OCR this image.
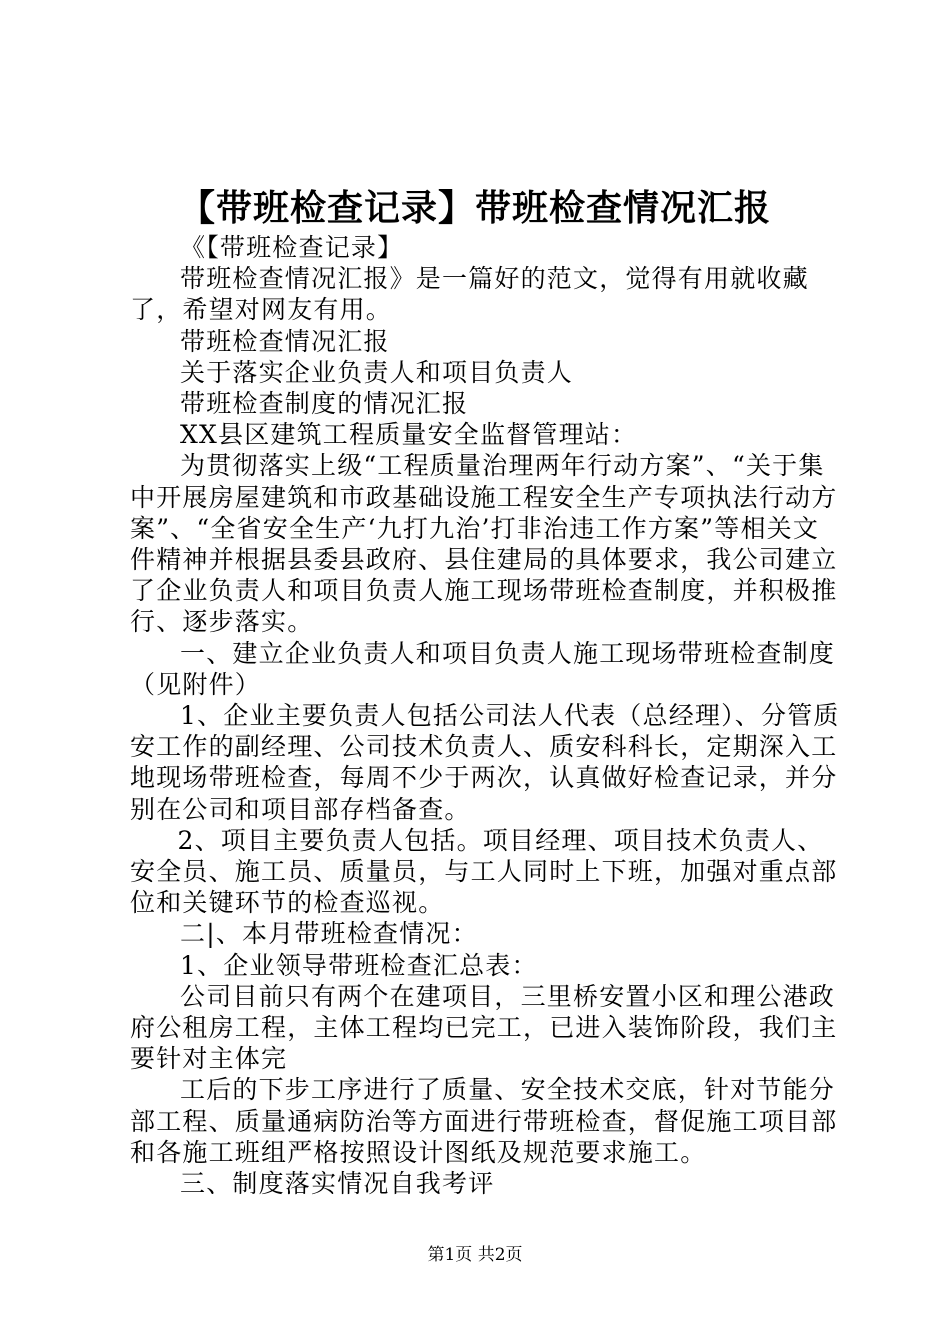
【带班检查记录】带班检查情况汇报

《【带班检查记录】

带班检查情况汇报》是一篇好的范文，觉得有用就收藏了，希望对网友有用。

带班检查情况汇报

关于落实企业负责人和项目负责人

带班检查制度的情况汇报

XX县区建筑工程质量安全监督管理站：

为贯彻落实上级“工程质量治理两年行动方案”、“关于集中开展房屋建筑和市政基础设施工程安全生产专项执法行动方案”、“全省安全生产‘九打九治’打非治违工作方案”等相关文件精神并根据县委县政府、县住建局的具体要求，我公司建立了企业负责人和项目负责人施工现场带班检查制度，并积极推行、逐步落实。

一、建立企业负责人和项目负责人施工现场带班检查制度（见附件）

1、企业主要负责人包括公司法人代表（总经理）、分管质安工作的副经理、公司技术负责人、质安科科长，定期深入工地现场带班检查，每周不少于两次，认真做好检查记录，并分别在公司和项目部存档备查。

2、项目主要负责人包括。项目经理、项目技术负责人、安全员、施工员、质量员，与工人同时上下班，加强对重点部位和关键环节的检查巡视。

二|、本月带班检查情况：

1、企业领导带班检查汇总表：

公司目前只有两个在建项目，三里桥安置小区和理公港政府公租房工程，主体工程均已完工，已进入装饰阶段，我们主要针对主体完

工后的下步工序进行了质量、安全技术交底，针对节能分部工程、质量通病防治等方面进行带班检查，督促施工项目部和各施工班组严格按照设计图纸及规范要求施工。

三、制度落实情况自我考评

第1页 共2页
